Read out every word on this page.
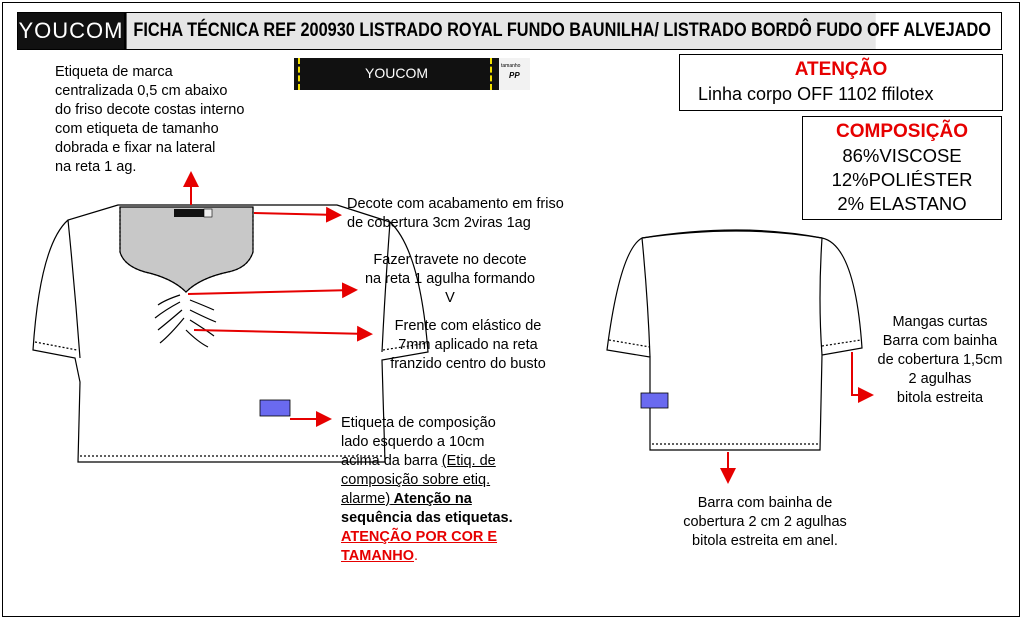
YOUCOM FICHA TÉCNICA REF 200930 LISTRADO ROYAL FUNDO BAUNILHA/ LISTRADO BORDÔ FUDO OFF ALVEJADO
YOUCOM	tamanho
PP	ATENÇÃO
Linha corpo OFF 1102 ffilotex
COMPOSIÇÃO
86%VISCOSE
12%POLIÉSTER
2% ELASTANO
Etiqueta de marca
centralizada 0,5 cm abaixo
do friso decote costas interno
com etiqueta de tamanho
dobrada e fixar na lateral
na reta 1 ag.
Decote com acabamento em friso
de cobertura 3cm 2viras 1ag
Fazer travete no decote
na reta 1 agulha formando
V
Frente com elástico de
7mm aplicado na reta
franzido centro do busto
Etiqueta de composição
lado esquerdo a 10cm
acima da barra (Etiq. de
composição sobre etiq.
alarme) Atenção na
sequência das etiquetas.
ATENÇÃO POR COR E
TAMANHO.
Mangas curtas
Barra com bainha
de cobertura 1,5cm
2 agulhas
bitola estreita
Barra com bainha de
cobertura 2 cm 2 agulhas
bitola estreita em anel.
